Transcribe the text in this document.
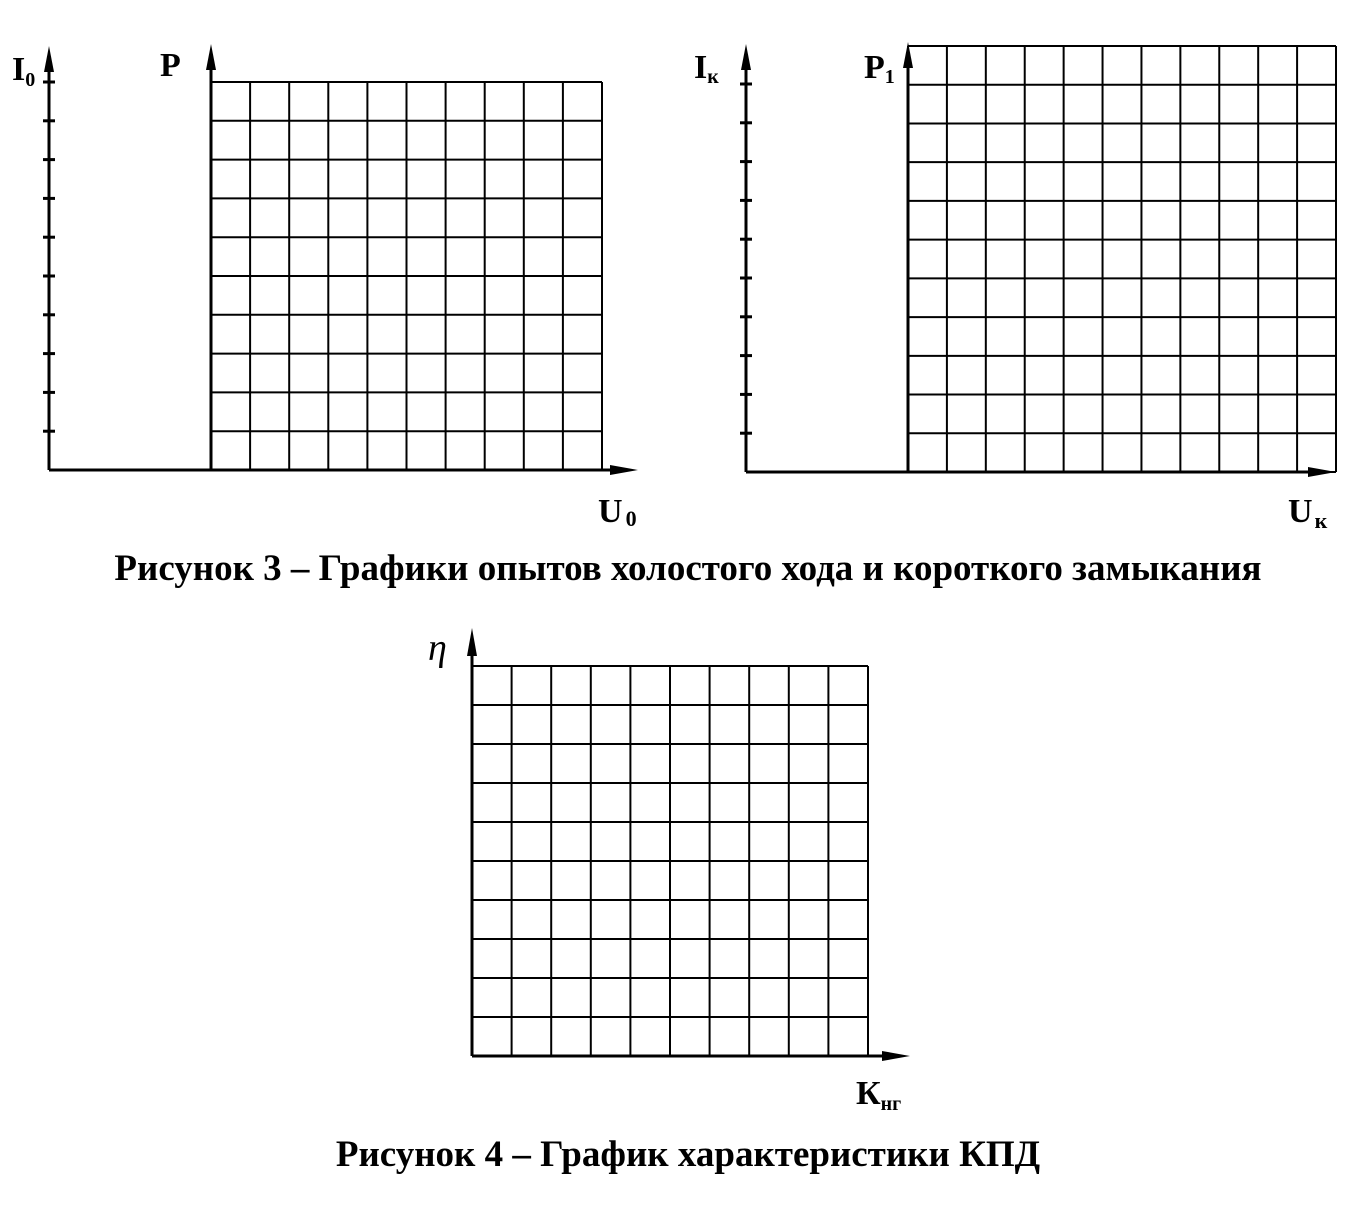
I0	P
U 0
Iк	P1
Uк
Рисунок 3 – Графики опытов холостого хода и короткого замыкания
η
Кнг
Рисунок 4 – График характеристики КПД
